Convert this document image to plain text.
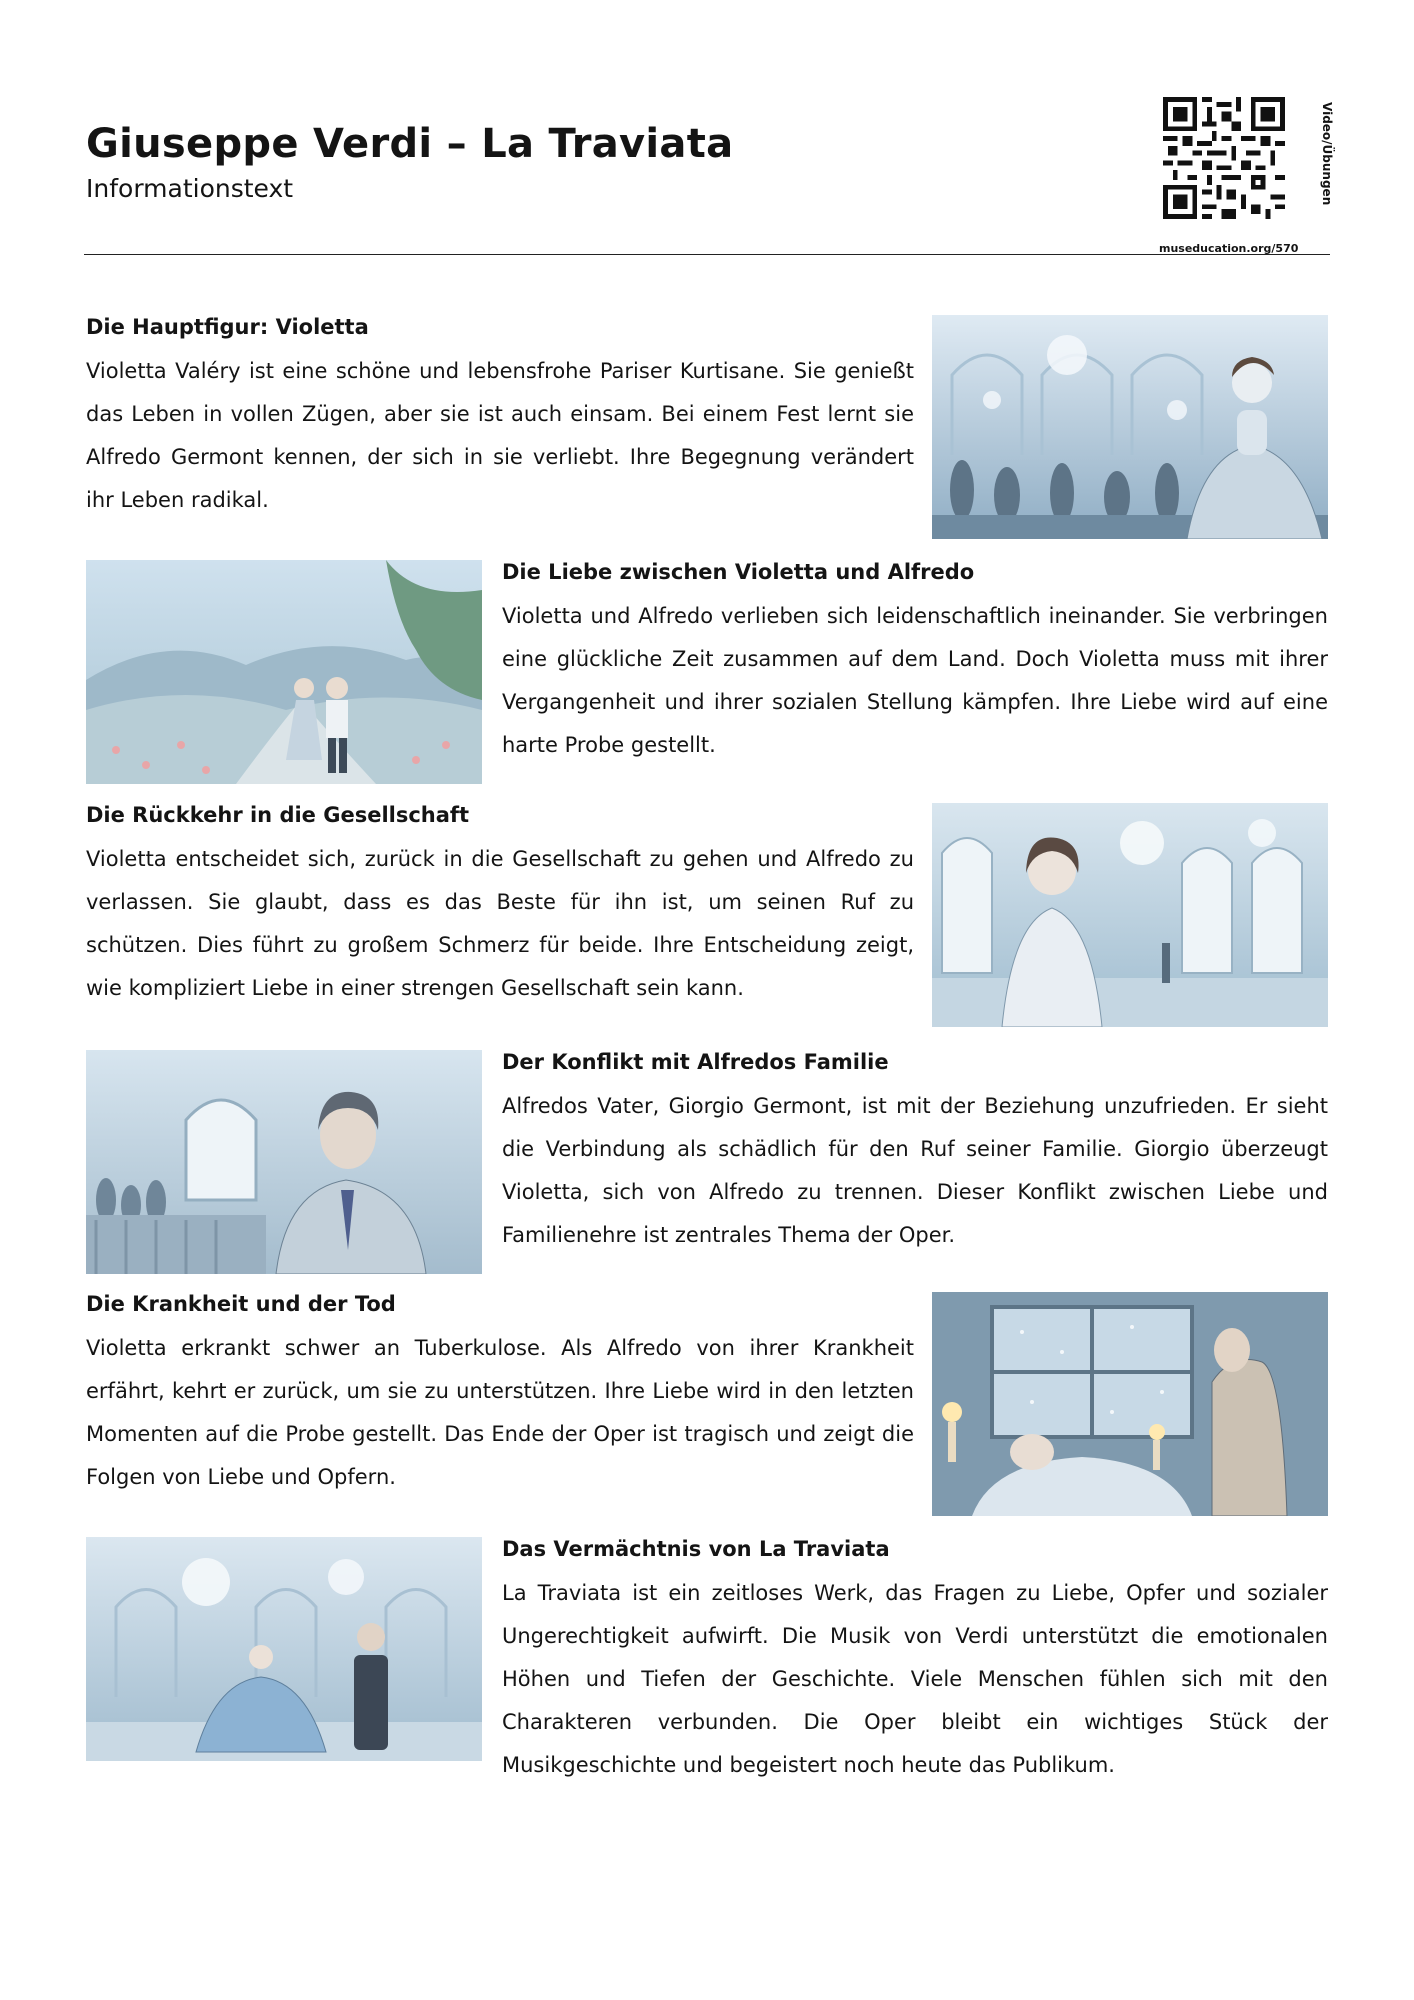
Giuseppe Verdi – La Traviata

Informationstext	Video/Übungen
museducation.org/570
Die Hauptfigur: Violetta

Violetta Valéry ist eine schöne und lebensfrohe Pariser Kurtisane. Sie genießt das Leben in vollen Zügen, aber sie ist auch einsam. Bei einem Fest lernt sie Alfredo Germont kennen, der sich in sie verliebt. Ihre Begegnung verändert ihr Leben radikal.

Die Liebe zwischen Violetta und Alfredo

Violetta und Alfredo verlieben sich leidenschaftlich ineinander. Sie verbringen eine glückliche Zeit zusammen auf dem Land. Doch Violetta muss mit ihrer Vergangenheit und ihrer sozialen Stellung kämpfen. Ihre Liebe wird auf eine harte Probe gestellt.

Die Rückkehr in die Gesellschaft

Violetta entscheidet sich, zurück in die Gesellschaft zu gehen und Alfredo zu verlassen. Sie glaubt, dass es das Beste für ihn ist, um seinen Ruf zu schützen. Dies führt zu großem Schmerz für beide. Ihre Entscheidung zeigt, wie kompliziert Liebe in einer strengen Gesellschaft sein kann.

Der Konflikt mit Alfredos Familie

Alfredos Vater, Giorgio Germont, ist mit der Beziehung unzufrieden. Er sieht die Verbindung als schädlich für den Ruf seiner Familie. Giorgio überzeugt Violetta, sich von Alfredo zu trennen. Dieser Konflikt zwischen Liebe und Familienehre ist zentrales Thema der Oper.

Die Krankheit und der Tod

Violetta erkrankt schwer an Tuberkulose. Als Alfredo von ihrer Krankheit erfährt, kehrt er zurück, um sie zu unterstützen. Ihre Liebe wird in den letzten Momenten auf die Probe gestellt. Das Ende der Oper ist tragisch und zeigt die Folgen von Liebe und Opfern.

Das Vermächtnis von La Traviata

La Traviata ist ein zeitloses Werk, das Fragen zu Liebe, Opfer und sozialer Ungerechtigkeit aufwirft. Die Musik von Verdi unterstützt die emotionalen Höhen und Tiefen der Geschichte. Viele Menschen fühlen sich mit den Charakteren verbunden. Die Oper bleibt ein wichtiges Stück der Musikgeschichte und begeistert noch heute das Publikum.
